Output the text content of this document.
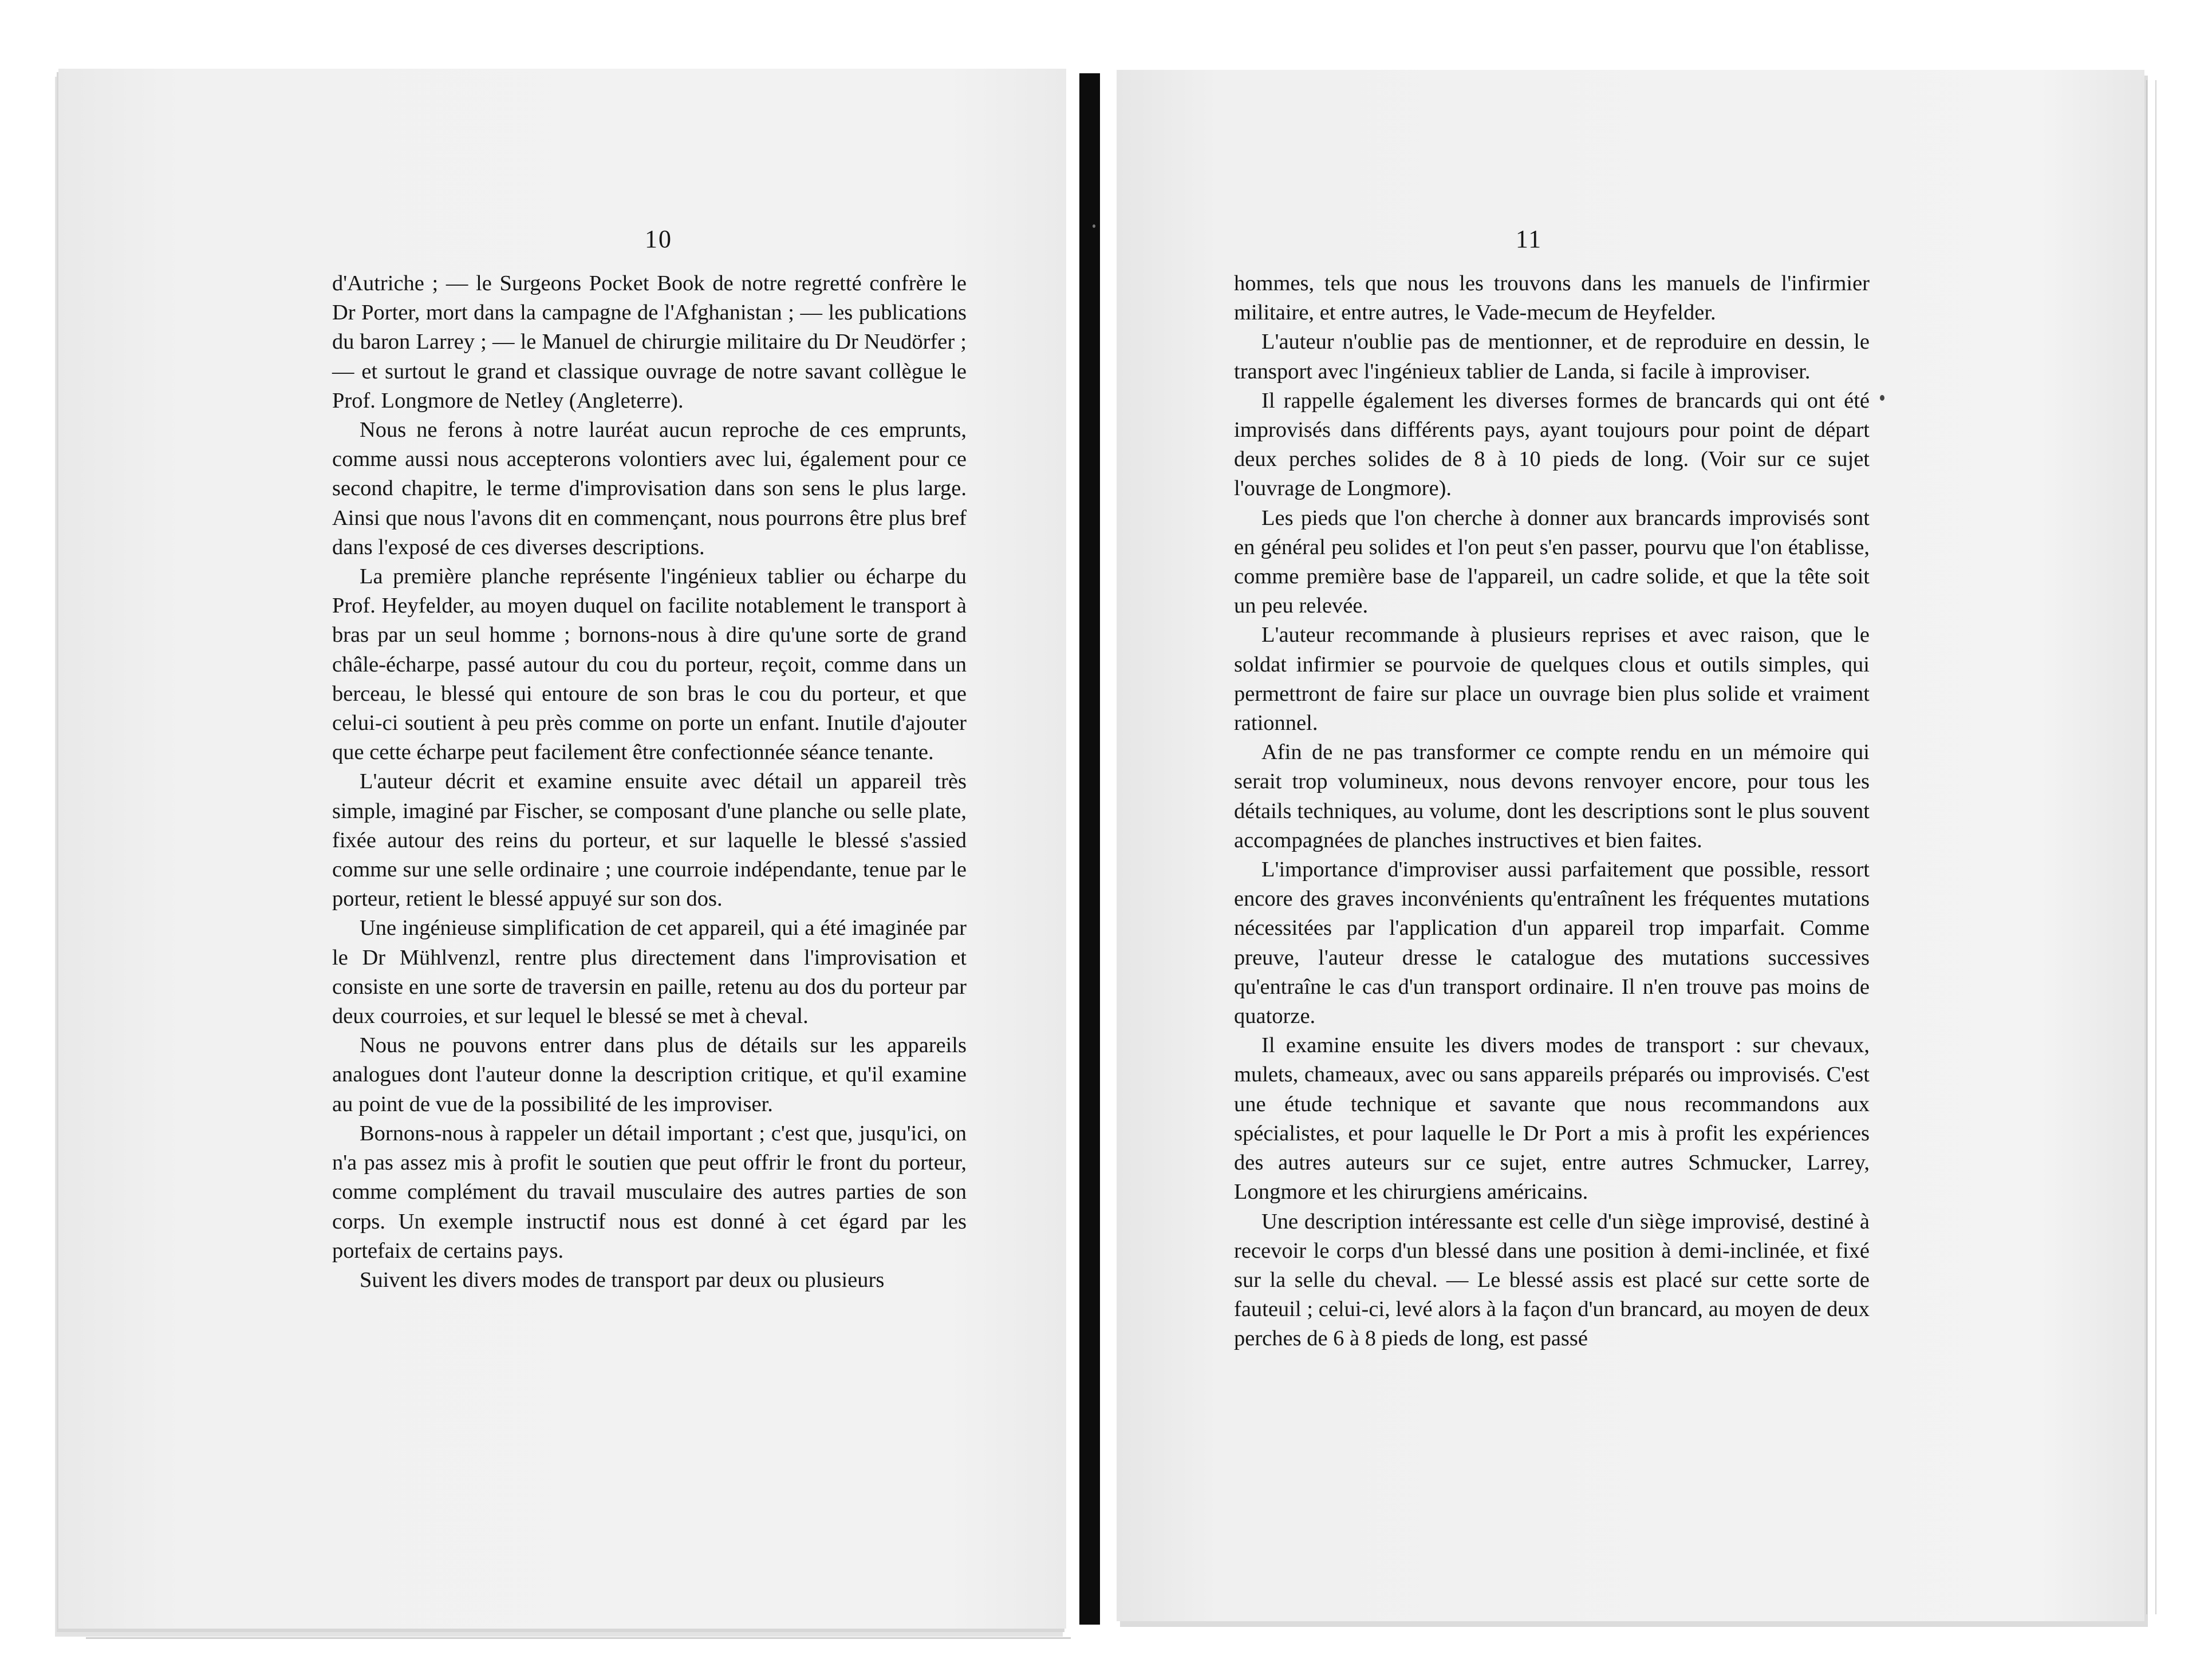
10	11

d'Autriche ; — le Surgeons Pocket Book de notre regretté confrère le Dr Porter, mort dans la campagne de l'Afghanistan ; — les publications du baron Larrey ; — le Manuel de chirurgie militaire du Dr Neudörfer ; — et surtout le grand et classique ouvrage de notre savant collègue le Prof. Longmore de Netley (Angleterre).

Nous ne ferons à notre lauréat aucun reproche de ces emprunts, comme aussi nous accepterons volontiers avec lui, également pour ce second chapitre, le terme d'improvisation dans son sens le plus large. Ainsi que nous l'avons dit en commençant, nous pourrons être plus bref dans l'exposé de ces diverses descriptions.

La première planche représente l'ingénieux tablier ou écharpe du Prof. Heyfelder, au moyen duquel on facilite notablement le transport à bras par un seul homme ; bornons-nous à dire qu'une sorte de grand châle-écharpe, passé autour du cou du porteur, reçoit, comme dans un berceau, le blessé qui entoure de son bras le cou du porteur, et que celui-ci soutient à peu près comme on porte un enfant. Inutile d'ajouter que cette écharpe peut facilement être confectionnée séance tenante.

L'auteur décrit et examine ensuite avec détail un appareil très simple, imaginé par Fischer, se composant d'une planche ou selle plate, fixée autour des reins du porteur, et sur laquelle le blessé s'assied comme sur une selle ordinaire ; une courroie indépendante, tenue par le porteur, retient le blessé appuyé sur son dos.

Une ingénieuse simplification de cet appareil, qui a été imaginée par le Dr Mühlvenzl, rentre plus directement dans l'improvisation et consiste en une sorte de traversin en paille, retenu au dos du porteur par deux courroies, et sur lequel le blessé se met à cheval.

Nous ne pouvons entrer dans plus de détails sur les appareils analogues dont l'auteur donne la description critique, et qu'il examine au point de vue de la possibilité de les improviser.

Bornons-nous à rappeler un détail important ; c'est que, jusqu'ici, on n'a pas assez mis à profit le soutien que peut offrir le front du porteur, comme complément du travail musculaire des autres parties de son corps. Un exemple instructif nous est donné à cet égard par les portefaix de certains pays.

Suivent les divers modes de transport par deux ou plusieurs

hommes, tels que nous les trouvons dans les manuels de l'infirmier militaire, et entre autres, le Vade-mecum de Heyfelder.

L'auteur n'oublie pas de mentionner, et de reproduire en dessin, le transport avec l'ingénieux tablier de Landa, si facile à improviser.

Il rappelle également les diverses formes de brancards qui ont été improvisés dans différents pays, ayant toujours pour point de départ deux perches solides de 8 à 10 pieds de long. (Voir sur ce sujet l'ouvrage de Longmore).

Les pieds que l'on cherche à donner aux brancards improvisés sont en général peu solides et l'on peut s'en passer, pourvu que l'on établisse, comme première base de l'appareil, un cadre solide, et que la tête soit un peu relevée.

L'auteur recommande à plusieurs reprises et avec raison, que le soldat infirmier se pourvoie de quelques clous et outils simples, qui permettront de faire sur place un ouvrage bien plus solide et vraiment rationnel.

Afin de ne pas transformer ce compte rendu en un mémoire qui serait trop volumineux, nous devons renvoyer encore, pour tous les détails techniques, au volume, dont les descriptions sont le plus souvent accompagnées de planches instructives et bien faites.

L'importance d'improviser aussi parfaitement que possible, ressort encore des graves inconvénients qu'entraînent les fréquentes mutations nécessitées par l'application d'un appareil trop imparfait. Comme preuve, l'auteur dresse le catalogue des mutations successives qu'entraîne le cas d'un transport ordinaire. Il n'en trouve pas moins de quatorze.

Il examine ensuite les divers modes de transport : sur chevaux, mulets, chameaux, avec ou sans appareils préparés ou improvisés. C'est une étude technique et savante que nous recommandons aux spécialistes, et pour laquelle le Dr Port a mis à profit les expériences des autres auteurs sur ce sujet, entre autres Schmucker, Larrey, Longmore et les chirurgiens américains.

Une description intéressante est celle d'un siège improvisé, destiné à recevoir le corps d'un blessé dans une position à demi-inclinée, et fixé sur la selle du cheval. — Le blessé assis est placé sur cette sorte de fauteuil ; celui-ci, levé alors à la façon d'un brancard, au moyen de deux perches de 6 à 8 pieds de long, est passé
